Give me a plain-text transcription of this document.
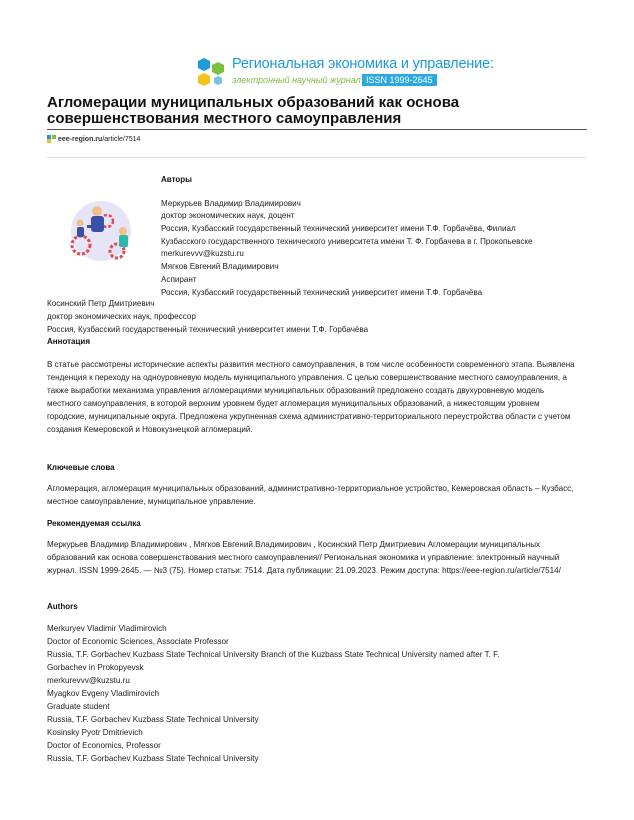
Региональная экономика и управление:
электронный научный журнал ISSN 1999-2645
Агломерации муниципальных образований как основа совершенствования местного самоуправления
eee-region.ru/article/7514
Авторы
Меркурьев Владимир Владимирович
доктор экономических наук, доцент
Россия, Кузбасский государственный технический университет имени Т.Ф. Горбачёва, Филиал
Кузбасского государственного технического университета имени Т. Ф. Горбачева в г. Прокопьевске
merkurevvv@kuzstu.ru
Мягков Евгений Владимирович
Аспирант
Россия, Кузбасский государственный технический университет имени Т.Ф. Горбачёва
Косинский Петр Дмитриевич
доктор экономических наук, профессор
Россия, Кузбасский государственный технический университет имени Т.Ф. Горбачёва
Аннотация
В статье рассмотрены исторические аспекты развития местного самоуправления, в том числе особенности современного этапа. Выявлена тенденция к переходу на одноуровневую модель муниципального управления. С целью совершенствование местного самоуправления, а также выработки механизма управления агломерациями муниципальных образований предложено создать двухуровневую модель местного самоуправления, в которой верхним уровнем будет агломерация муниципальных образований, а нижестоящим уровнем городские, муниципальные округа. Предложена укрупненная схема административно-территориального переустройства области с учетом создания Кемеровской и Новокузнецкой агломераций.
Ключевые слова
Агломерация, агломерация муниципальных образований, административно-территориальное устройство, Кемеровская область – Кузбасс, местное самоуправление, муниципальное управление.
Рекомендуемая ссылка
Меркурьев Владимир Владимирович , Мягков Евгений Владимирович , Косинский Петр Дмитриевич Агломерации муниципальных образований как основа совершенствования местного самоуправления// Региональная экономика и управление: электронный научный журнал. ISSN 1999-2645. — №3 (75). Номер статьи: 7514. Дата публикации: 21.09.2023. Режим доступа: https://eee-region.ru/article/7514/
Authors
Merkuryev Vladimir Vladimirovich
Doctor of Economic Sciences, Associate Professor
Russia, T.F. Gorbachev Kuzbass State Technical University Branch of the Kuzbass State Technical University named after T. F.
Gorbachev in Prokopyevsk
merkurevvv@kuzstu.ru
Myagkov Evgeny Vladimirovich
Graduate student
Russia, T.F. Gorbachev Kuzbass State Technical University
Kosinsky Pyotr Dmitrievich
Doctor of Economics, Professor
Russia, T.F. Gorbachev Kuzbass State Technical University
